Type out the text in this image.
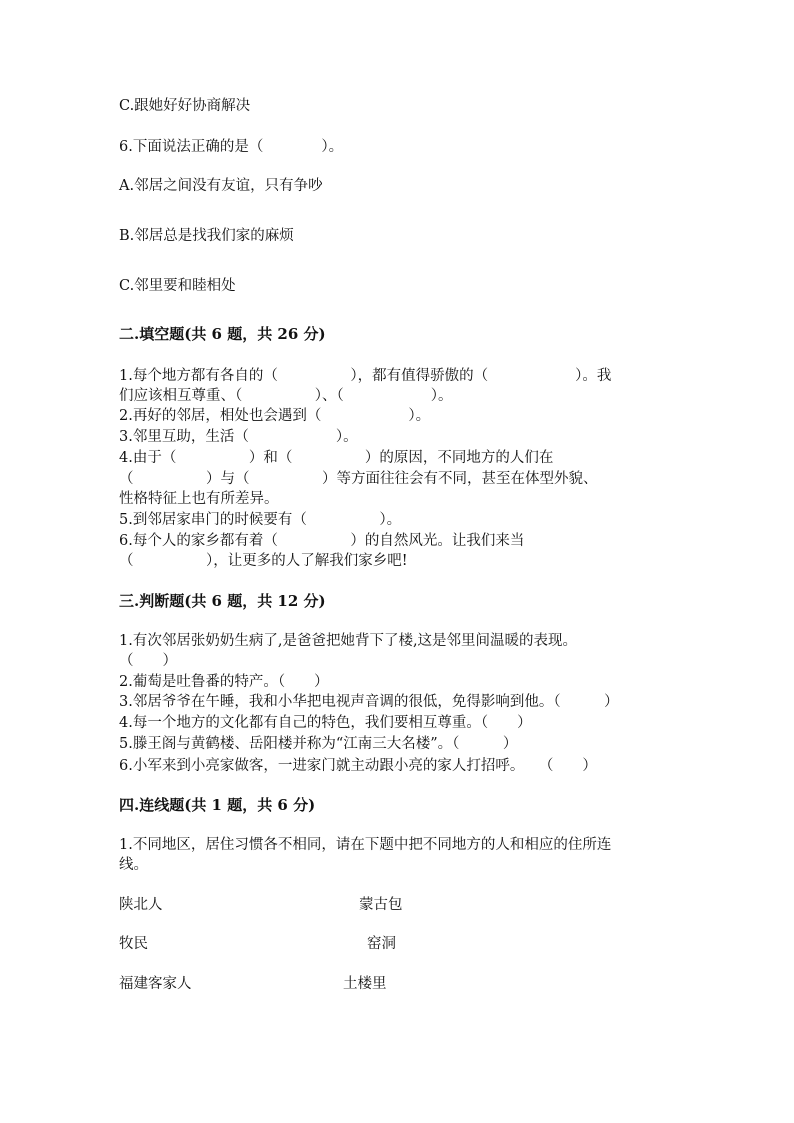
C.跟她好好协商解决
6.下面说法正确的是（　　　　）。
A.邻居之间没有友谊，只有争吵
B.邻居总是找我们家的麻烦
C.邻里要和睦相处
二.填空题(共 6 题，共 26 分)
1.每个地方都有各自的（　　　　　），都有值得骄傲的（　　　　　　）。我
们应该相互尊重、（　　　　　）、（　　　　　　）。
2.再好的邻居，相处也会遇到（　　　　　　）。
3.邻里互助，生活（　　　　　　）。
4.由于（　　　　　）和（　　　　　）的原因，不同地方的人们在
（　　　　　）与（　　　　　）等方面往往会有不同，甚至在体型外貌、
性格特征上也有所差异。
5.到邻居家串门的时候要有（　　　　　）。
6.每个人的家乡都有着（　　　　　）的自然风光。让我们来当
（　　　　　），让更多的人了解我们家乡吧!
三.判断题(共 6 题，共 12 分)
1.有次邻居张奶奶生病了,是爸爸把她背下了楼,这是邻里间温暖的表现。
（　　）
2.葡萄是吐鲁番的特产。（　　）
3.邻居爷爷在午睡，我和小华把电视声音调的很低，免得影响到他。（　　　）
4.每一个地方的文化都有自己的特色，我们要相互尊重。（　　）
5.滕王阁与黄鹤楼、岳阳楼并称为“江南三大名楼”。（　　　）
6.小军来到小亮家做客，一进家门就主动跟小亮的家人打招呼。　　（　　）
四.连线题(共 1 题，共 6 分)
1.不同地区，居住习惯各不相同，请在下题中把不同地方的人和相应的住所连
线。
陕北人	蒙古包
牧民	窑洞
福建客家人	土楼里
